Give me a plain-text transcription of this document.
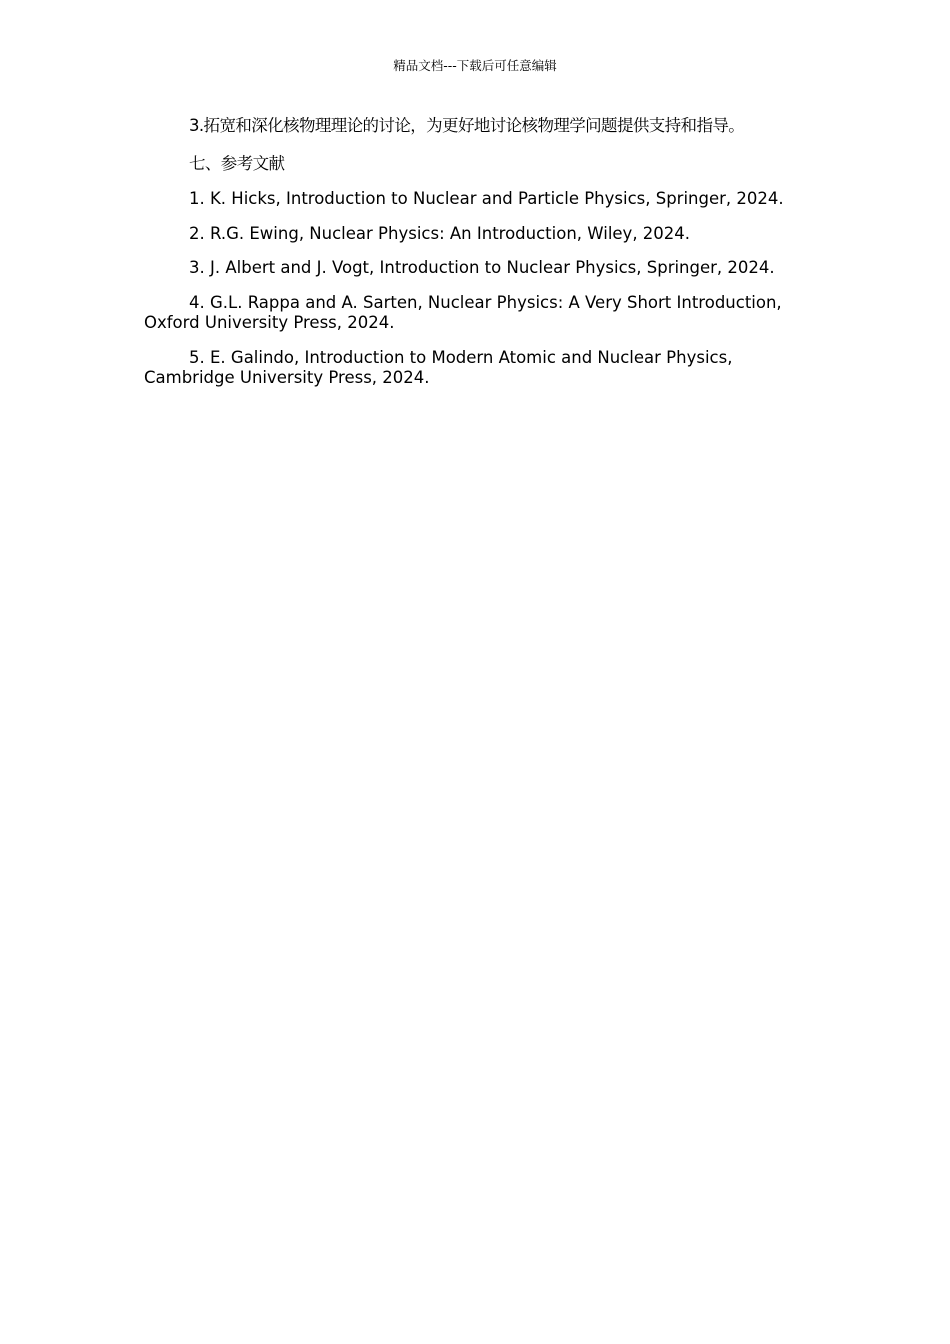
精品文档---下载后可任意编辑

3.拓宽和深化核物理理论的讨论，为更好地讨论核物理学问题提供支持和指导。

七、参考文献

1. K. Hicks, Introduction to Nuclear and Particle Physics, Springer, 2024.

2. R.G. Ewing, Nuclear Physics: An Introduction, Wiley, 2024.

3. J. Albert and J. Vogt, Introduction to Nuclear Physics, Springer, 2024.

4. G.L. Rappa and A. Sarten, Nuclear Physics: A Very Short Introduction, Oxford University Press, 2024.

5. E. Galindo, Introduction to Modern Atomic and Nuclear Physics, Cambridge University Press, 2024.
